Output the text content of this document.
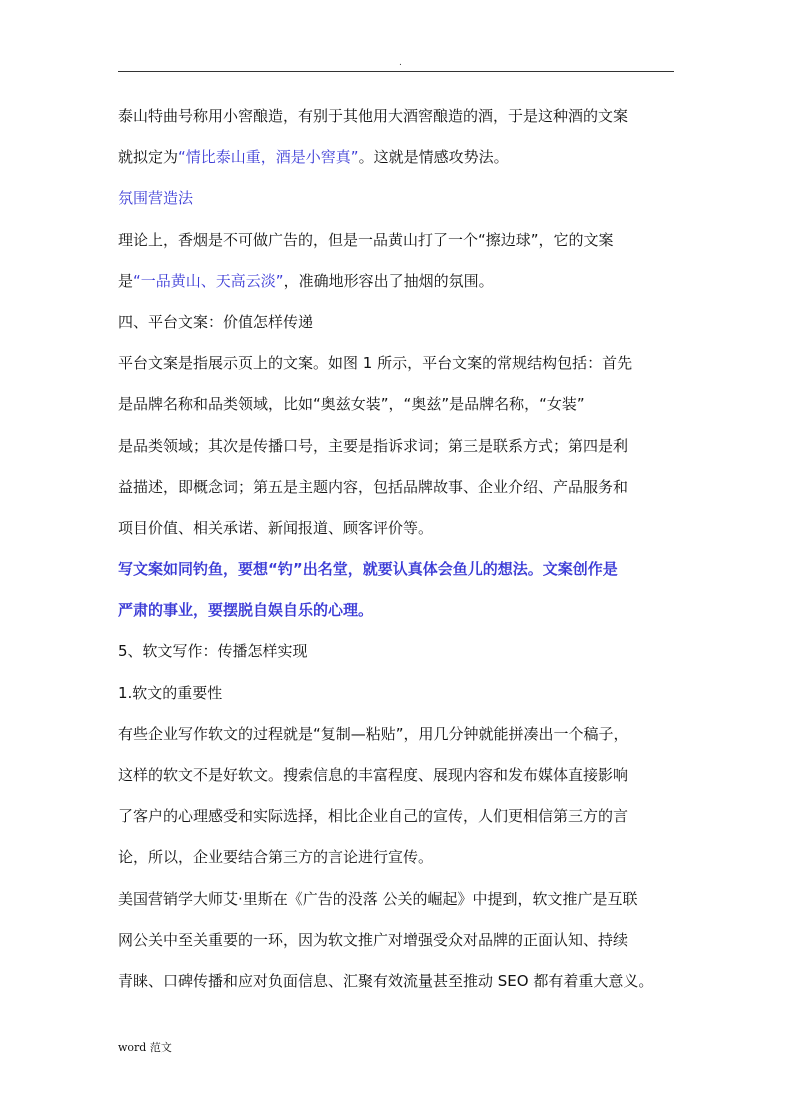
.
泰山特曲号称用小窖酿造，有别于其他用大酒窖酿造的酒，于是这种酒的文案
就拟定为“情比泰山重，酒是小窖真”。这就是情感攻势法。
氛围营造法
理论上，香烟是不可做广告的，但是一品黄山打了一个“擦边球”，它的文案
是“一品黄山、天高云淡”，准确地形容出了抽烟的氛围。
四、平台文案：价值怎样传递
平台文案是指展示页上的文案。如图 1 所示，平台文案的常规结构包括：首先
是品牌名称和品类领域，比如“奥兹女装”，“奥兹”是品牌名称，“女装”
是品类领域；其次是传播口号，主要是指诉求词；第三是联系方式；第四是利
益描述，即概念词；第五是主题内容，包括品牌故事、企业介绍、产品服务和
项目价值、相关承诺、新闻报道、顾客评价等。
写文案如同钓鱼，要想“钓”出名堂，就要认真体会鱼儿的想法。文案创作是
严肃的事业，要摆脱自娱自乐的心理。
5、软文写作：传播怎样实现
1.软文的重要性
有些企业写作软文的过程就是“复制—粘贴”，用几分钟就能拼凑出一个稿子，
这样的软文不是好软文。搜索信息的丰富程度、展现内容和发布媒体直接影响
了客户的心理感受和实际选择，相比企业自己的宣传，人们更相信第三方的言
论，所以，企业要结合第三方的言论进行宣传。
美国营销学大师艾·里斯在《广告的没落 公关的崛起》中提到，软文推广是互联
网公关中至关重要的一环，因为软文推广对增强受众对品牌的正面认知、持续
青睐、口碑传播和应对负面信息、汇聚有效流量甚至推动 SEO 都有着重大意义。
word 范文
